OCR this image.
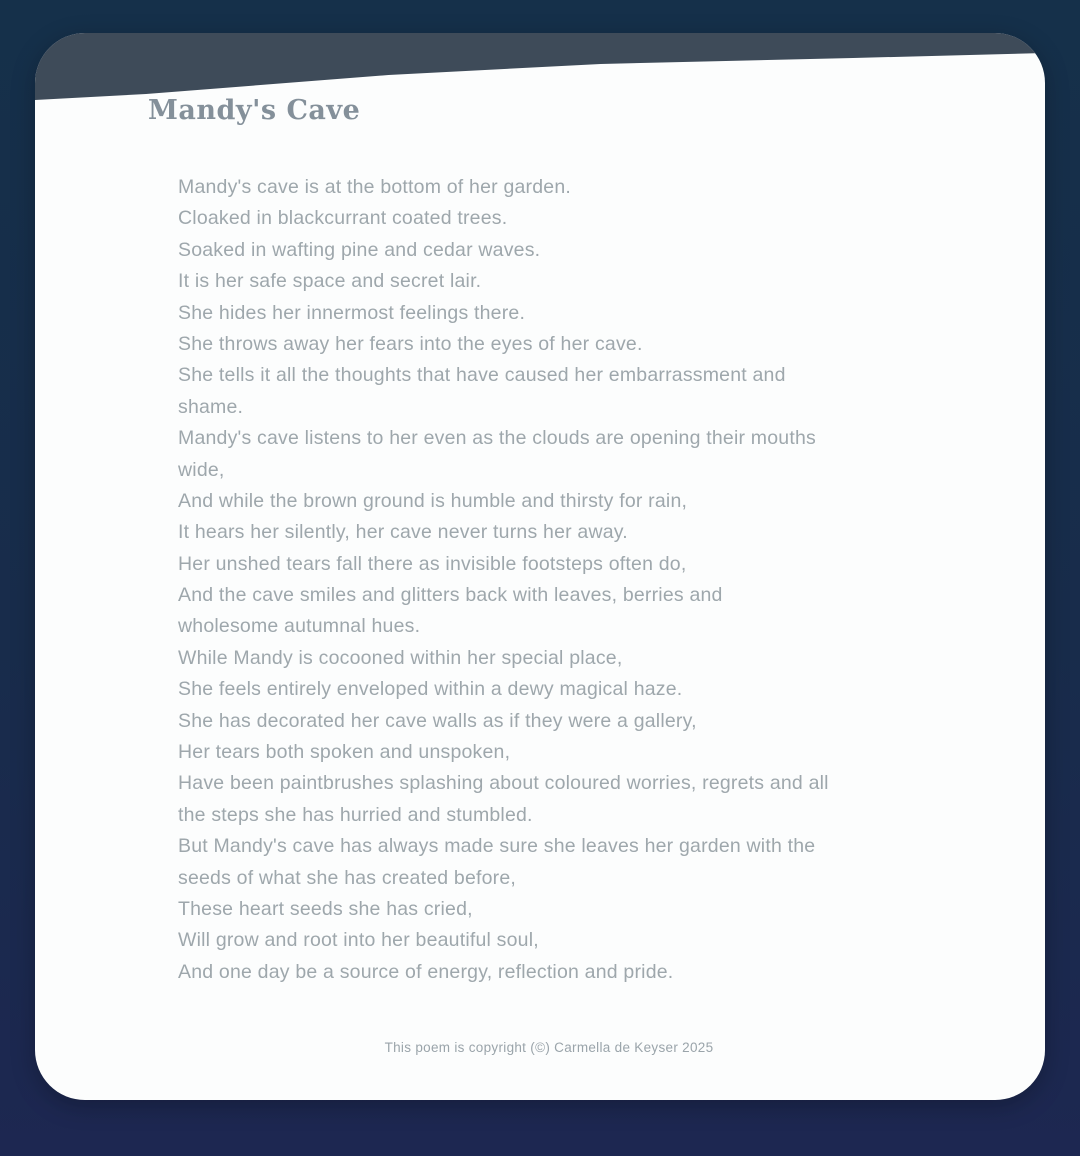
Mandy's Cave
Mandy's cave is at the bottom of her garden.
Cloaked in blackcurrant coated trees.
Soaked in wafting pine and cedar waves.
It is her safe space and secret lair.
She hides her innermost feelings there.
She throws away her fears into the eyes of her cave.
She tells it all the thoughts that have caused her embarrassment and
shame.
Mandy's cave listens to her even as the clouds are opening their mouths
wide,
And while the brown ground is humble and thirsty for rain,
It hears her silently, her cave never turns her away.
Her unshed tears fall there as invisible footsteps often do,
And the cave smiles and glitters back with leaves, berries and
wholesome autumnal hues.
While Mandy is cocooned within her special place,
She feels entirely enveloped within a dewy magical haze.
She has decorated her cave walls as if they were a gallery,
Her tears both spoken and unspoken,
Have been paintbrushes splashing about coloured worries, regrets and all
the steps she has hurried and stumbled.
But Mandy's cave has always made sure she leaves her garden with the
seeds of what she has created before,
These heart seeds she has cried,
Will grow and root into her beautiful soul,
And one day be a source of energy, reflection and pride.
This poem is copyright (©) Carmella de Keyser 2025
